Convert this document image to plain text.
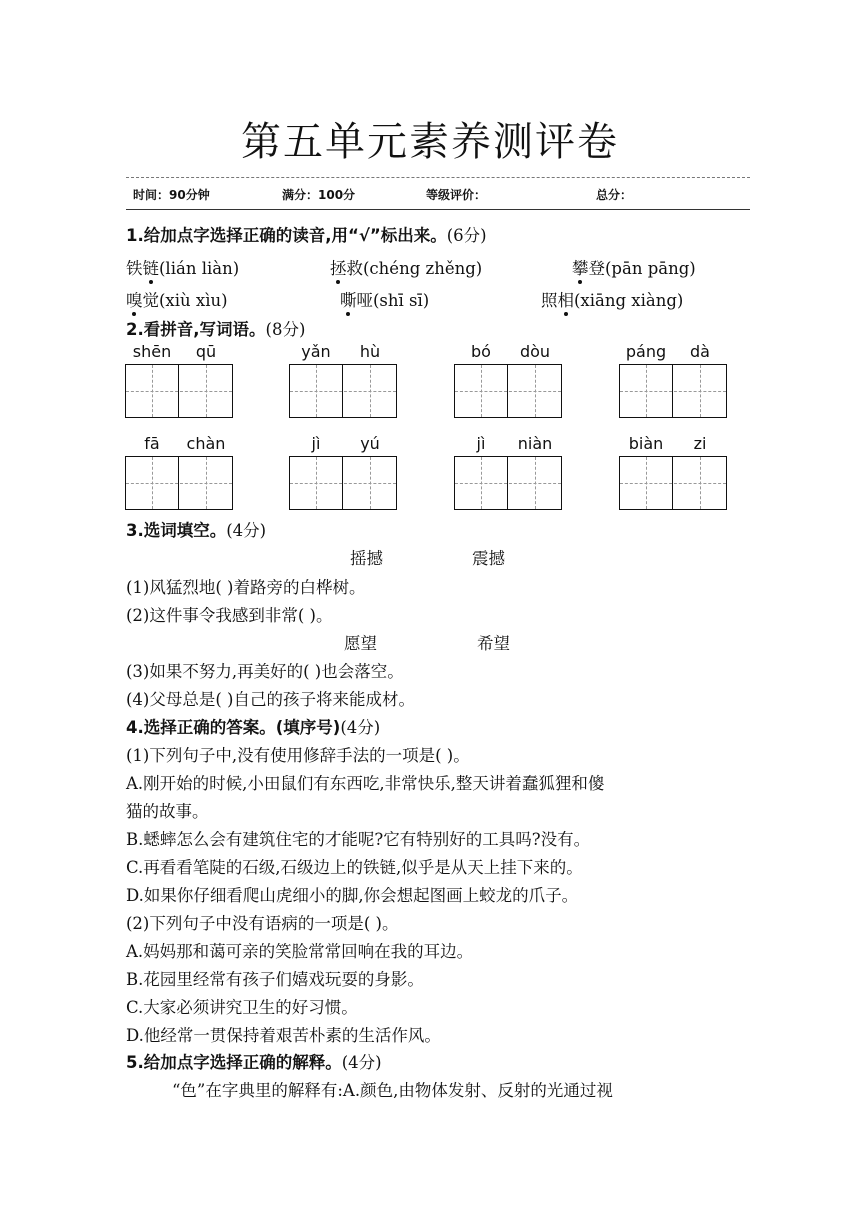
第五单元素养测评卷
时间：90分钟	满分：100分	等级评价：	总分：
1.给加点字选择正确的读音,用“√”标出来。(6分)
铁链(lián liàn)	拯救(chéng zhěng)	攀登(pān pāng)
嗅觉(xiù xìu)	嘶哑(shī sī)	照相(xiāng xiàng)
2.看拼音,写词语。(8分)
shēn	qū	yǎn	hù	bó	dòu	páng	dà
fā	chàn	jì	yú	jì	niàn	biàn	zi
3.选词填空。(4分)
摇撼	震撼
(1)风猛烈地( )着路旁的白桦树。
(2)这件事令我感到非常( )。
愿望	希望
(3)如果不努力,再美好的( )也会落空。
(4)父母总是( )自己的孩子将来能成材。
4.选择正确的答案。(填序号)(4分)
(1)下列句子中,没有使用修辞手法的一项是( )。
A.刚开始的时候,小田鼠们有东西吃,非常快乐,整天讲着蠢狐狸和傻
猫的故事。
B.蟋蟀怎么会有建筑住宅的才能呢?它有特别好的工具吗?没有。
C.再看看笔陡的石级,石级边上的铁链,似乎是从天上挂下来的。
D.如果你仔细看爬山虎细小的脚,你会想起图画上蛟龙的爪子。
(2)下列句子中没有语病的一项是( )。
A.妈妈那和蔼可亲的笑脸常常回响在我的耳边。
B.花园里经常有孩子们嬉戏玩耍的身影。
C.大家必须讲究卫生的好习惯。
D.他经常一贯保持着艰苦朴素的生活作风。
5.给加点字选择正确的解释。(4分)
“色”在字典里的解释有:A.颜色,由物体发射、反射的光通过视
